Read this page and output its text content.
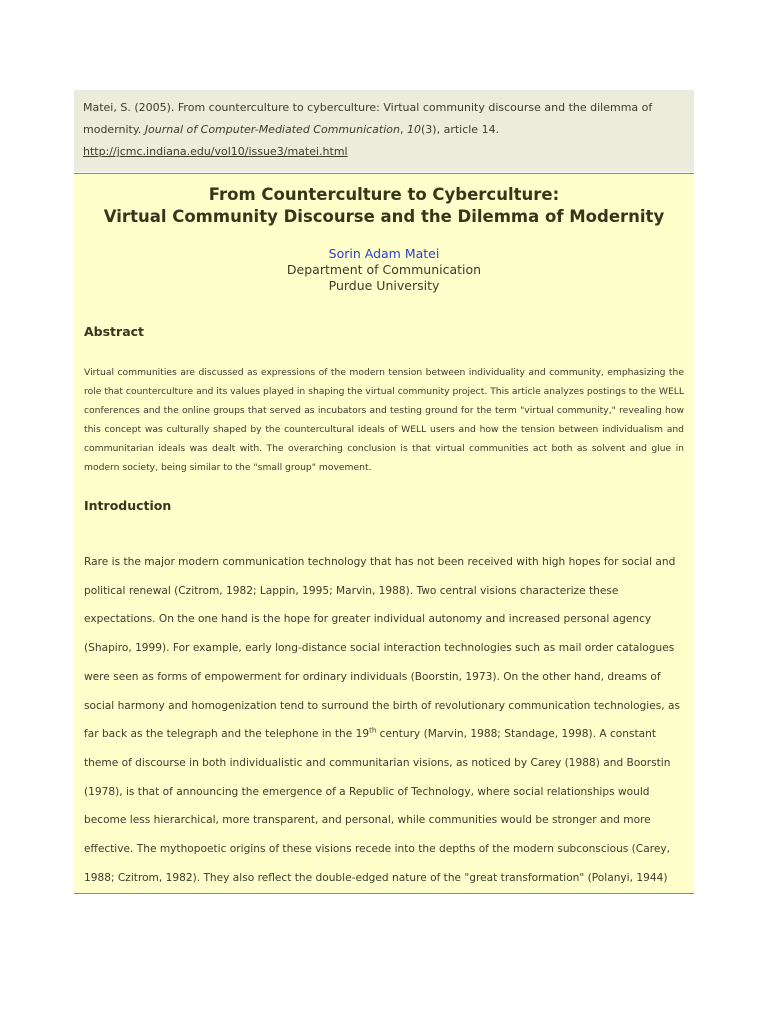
Matei, S. (2005). From counterculture to cyberculture: Virtual community discourse and the dilemma of
modernity. Journal of Computer-Mediated Communication, 10(3), article 14.
http://jcmc.indiana.edu/vol10/issue3/matei.html
From Counterculture to Cyberculture:
Virtual Community Discourse and the Dilemma of Modernity
Sorin Adam Matei
Department of Communication
Purdue University
Abstract
Virtual communities are discussed as expressions of the modern tension between individuality and community, emphasizing the role that counterculture and its values played in shaping the virtual community project. This article analyzes postings to the WELL conferences and the online groups that served as incubators and testing ground for the term "virtual community," revealing how this concept was culturally shaped by the countercultural ideals of WELL users and how the tension between individualism and communitarian ideals was dealt with. The overarching conclusion is that virtual communities act both as solvent and glue in modern society, being similar to the "small group" movement.
Introduction
Rare is the major modern communication technology that has not been received with high hopes for social and political renewal (Czitrom, 1982; Lappin, 1995; Marvin, 1988). Two central visions characterize these expectations. On the one hand is the hope for greater individual autonomy and increased personal agency (Shapiro, 1999). For example, early long-distance social interaction technologies such as mail order catalogues were seen as forms of empowerment for ordinary individuals (Boorstin, 1973). On the other hand, dreams of social harmony and homogenization tend to surround the birth of revolutionary communication technologies, as far back as the telegraph and the telephone in the 19th century (Marvin, 1988; Standage, 1998). A constant theme of discourse in both individualistic and communitarian visions, as noticed by Carey (1988) and Boorstin (1978), is that of announcing the emergence of a Republic of Technology, where social relationships would become less hierarchical, more transparent, and personal, while communities would be stronger and more effective. The mythopoetic origins of these visions recede into the depths of the modern subconscious (Carey, 1988; Czitrom, 1982). They also reflect the double-edged nature of the "great transformation" (Polanyi, 1944)
